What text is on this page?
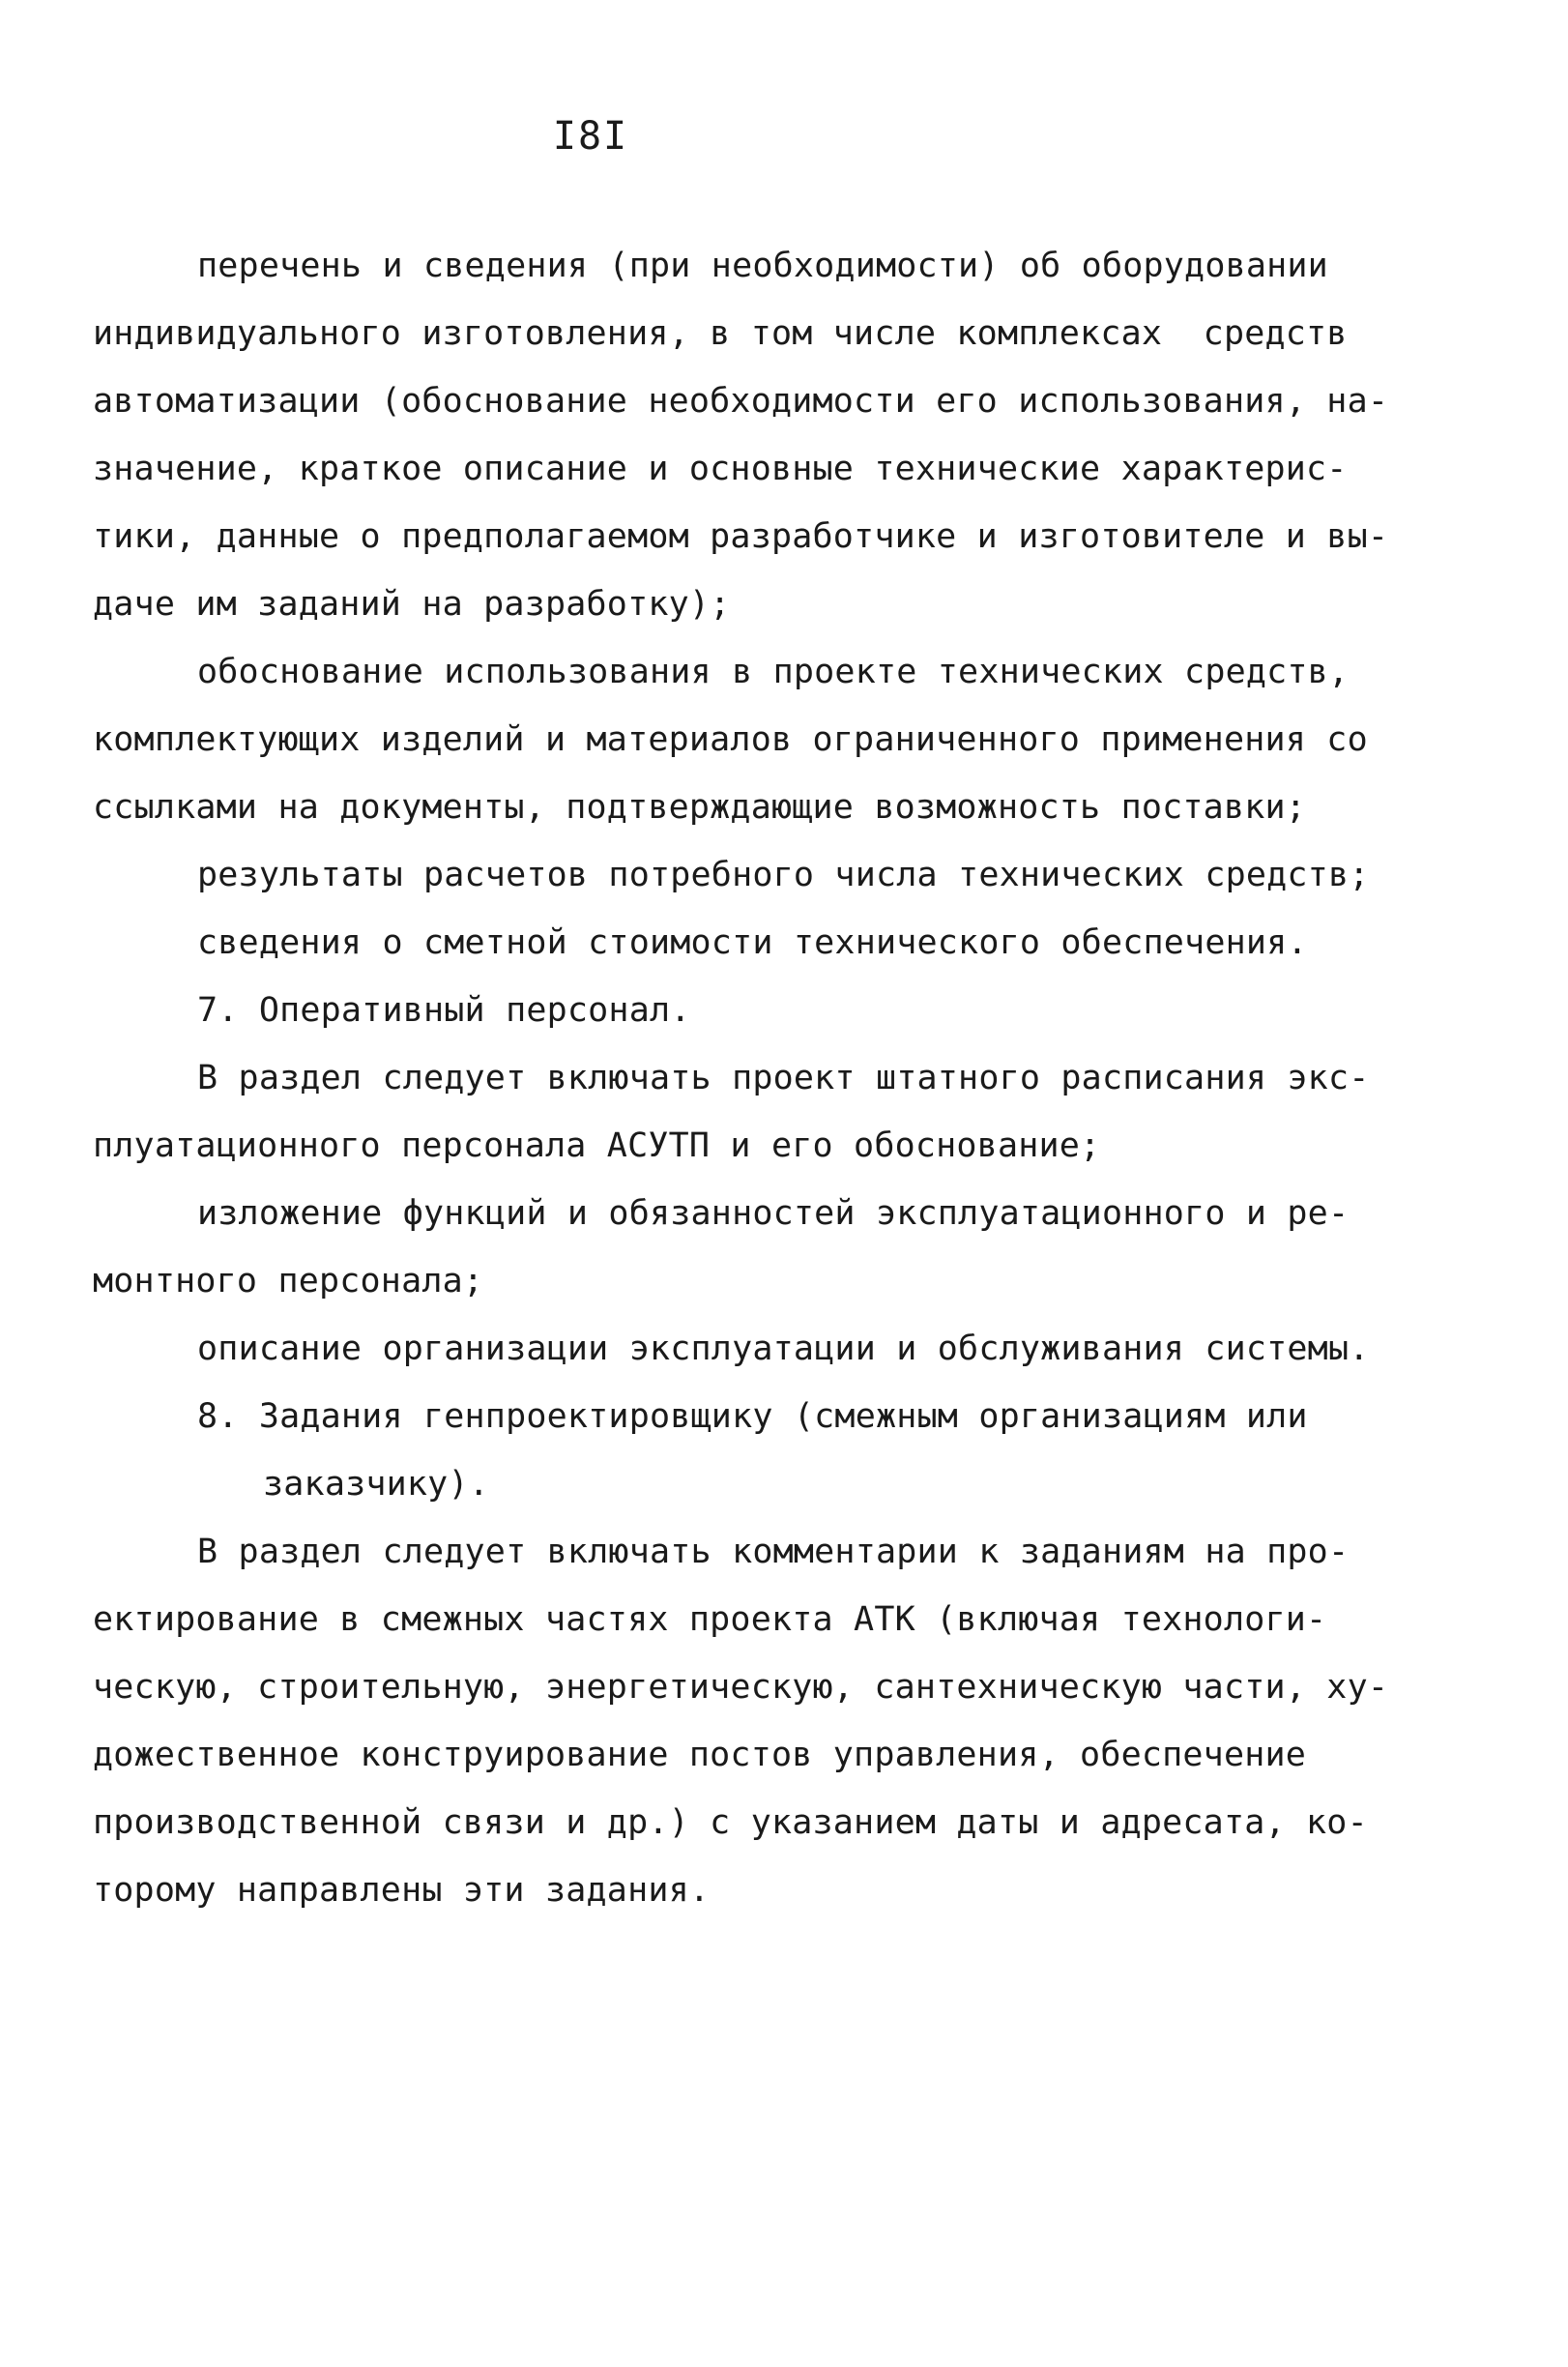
I8I
перечень и сведения (при необходимости) об оборудовании
индивидуального изготовления, в том числе комплексах  средств
автоматизации (обоснование необходимости его использования, на-
значение, краткое описание и основные технические характерис-
тики, данные о предполагаемом разработчике и изготовителе и вы-
даче им заданий на разработку);
обоснование использования в проекте технических средств,
комплектующих изделий и материалов ограниченного применения со
ссылками на документы, подтверждающие возможность поставки;
результаты расчетов потребного числа технических средств;
сведения о сметной стоимости технического обеспечения.
7. Оперативный персонал.
В раздел следует включать проект штатного расписания экс-
плуатационного персонала АСУТП и его обоснование;
изложение функций и обязанностей эксплуатационного и ре-
монтного персонала;
описание организации эксплуатации и обслуживания системы.
8. Задания генпроектировщику (смежным организациям или
заказчику).
В раздел следует включать комментарии к заданиям на про-
ектирование в смежных частях проекта АТК (включая технологи-
ческую, строительную, энергетическую, сантехническую части, ху-
дожественное конструирование постов управления, обеспечение
производственной связи и др.) с указанием даты и адресата, ко-
торому направлены эти задания.
